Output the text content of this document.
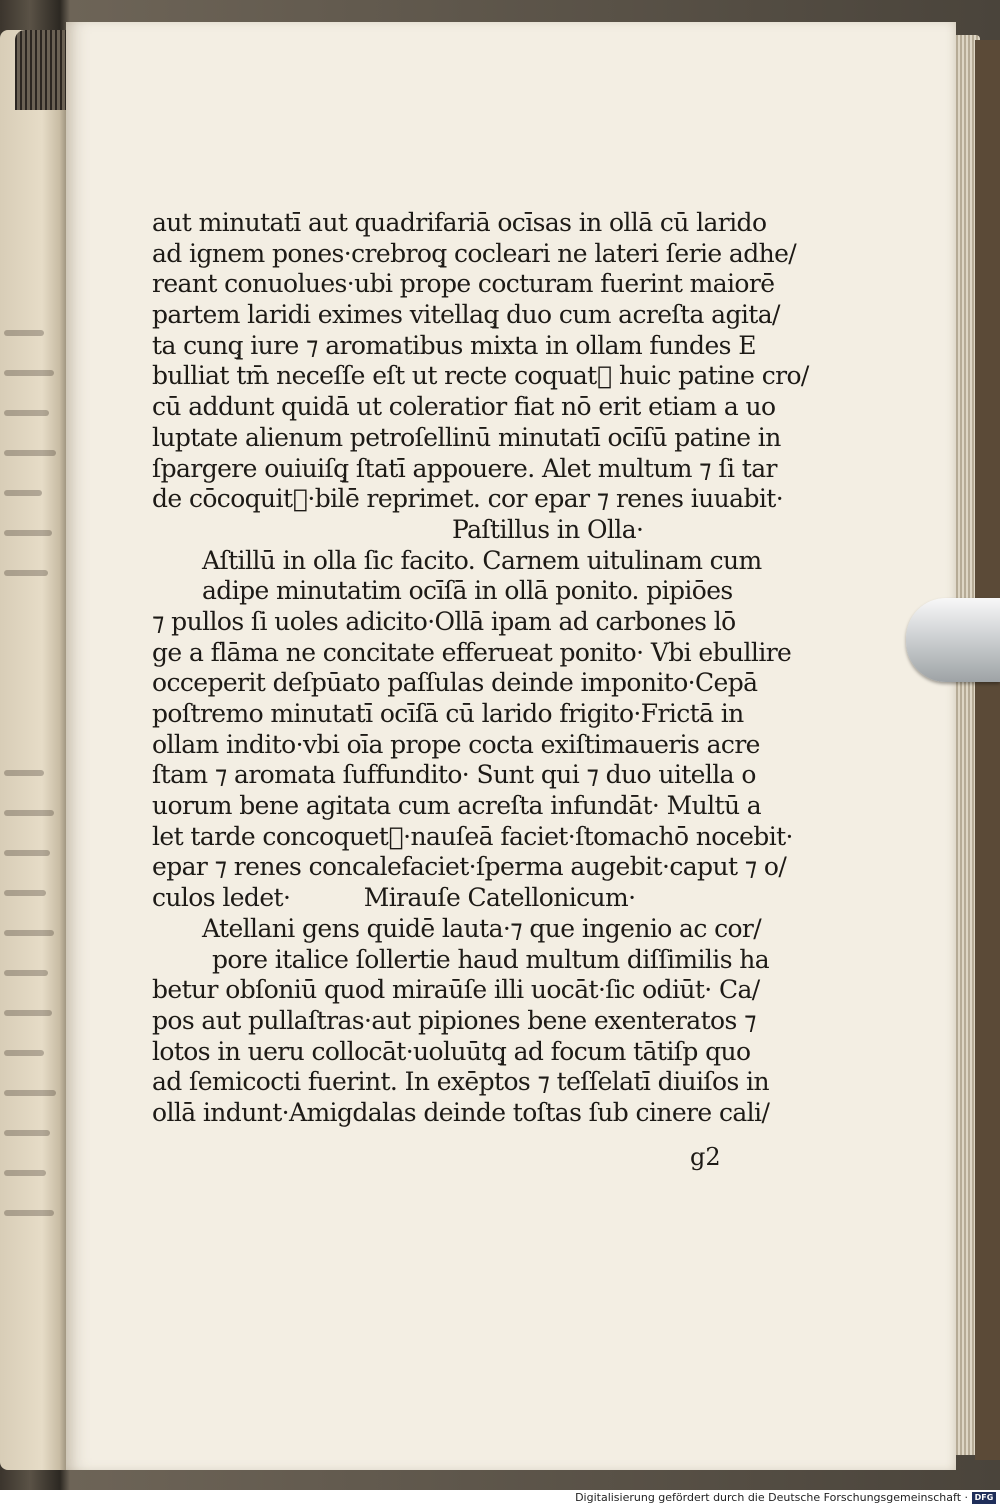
aut minutatī aut quadrifariā ocīsas in ollā cū larido
ad ignem pones·crebroq̧ cocleari ne lateri ſerie adhe/
reant conuolues·ubi prope cocturam fuerint maiorē
partem laridi eximes vitellaq̧ duo cum acreſta agita/
ta cunq̧ iure ⁊ aromatibus mixta in ollam fundes E
bulliat tm̄ neceſſe eſt ut recte coquat᷑ huic patine cro/
cū addunt quidā ut coleratior fiat nō erit etiam a uo
luptate alienum petroſellinū minutatī ocīſū patine in
ſpargere ouiuiſq̧ ſtatī appouere. Alet multum ⁊ ſi tar
de cōcoquit᷑·bilē reprimet. cor epar ⁊ renes iuuabit·
Paſtillus in Olla·
Aſtillū in olla ſic facito. Carnem uitulinam cum
adipe minutatim ocīſā in ollā ponito. pipiōes
⁊ pullos ſi uoles adicito·Ollā ipam ad carbones lō
ge a flāma ne concitate efferueat ponito· Vbi ebullire
occeperit deſpūato paſſulas deinde imponito·Cepā
poſtremo minutatī ocīſā cū larido frigito·Frictā in
ollam indito·vbi oīa prope cocta exiſtimaueris acre
ſtam ⁊ aromata ſuffundito· Sunt qui ⁊ duo uitella o
uorum bene agitata cum acreſta infundāt· Multū a
let tarde concoquet᷑·nauſeā faciet·ſtomachō nocebit·
epar ⁊ renes concalefaciet·ſperma augebit·caput ⁊ o/
culos ledet·          Mirauſe Catellonicum·
Atellani gens quidē lauta·⁊ que ingenio ac cor/
pore italice ſollertie haud multum diſſimilis ha
betur obſoniū quod miraūſe illi uocāt·ſic odiūt· Ca/
pos aut pullaſtras·aut pipiones bene exenteratos ⁊
lotos in ueru collocāt·uoluūtq̧ ad focum tātiſp quo
ad ſemicocti fuerint. In exēptos ⁊ teſſelatī diuiſos in
ollā indunt·Amigdalas deinde toſtas ſub cinere cali/
g2
Digitalisierung gefördert durch die Deutsche Forschungsgemeinschaft · DFG
